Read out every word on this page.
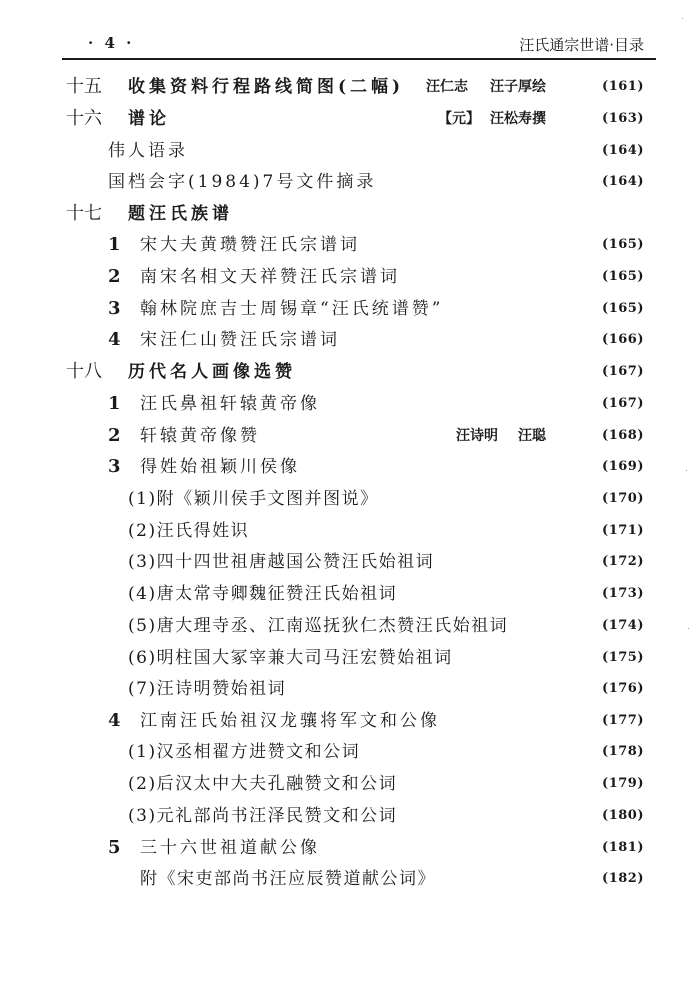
· 4 ·	汪氏通宗世谱·目录
十五 收集资料行程路线简图(二幅) 汪仁志 汪子厚绘	(161)
十六 谱论	【元】 汪松寿撰	(163)
伟人语录	(164)
国档会字(1984)7号文件摘录	(164)
十七 题汪氏族谱
1 宋大夫黄瓒赞汪氏宗谱词	(165)
2 南宋名相文天祥赞汪氏宗谱词	(165)
3 翰林院庶吉士周锡章“汪氏统谱赞”	(165)
4 宋汪仁山赞汪氏宗谱词	(166)
十八 历代名人画像选赞	(167)
1 汪氏鼻祖轩辕黄帝像	(167)
2 轩辕黄帝像赞	汪诗明 汪聪	(168)
3 得姓始祖颖川侯像	(169)
(1)附《颖川侯手文图并图说》	(170)
(2)汪氏得姓识	(171)
(3)四十四世祖唐越国公赞汪氏始祖词	(172)
(4)唐太常寺卿魏征赞汪氏始祖词	(173)
(5)唐大理寺丞、江南巡抚狄仁杰赞汪氏始祖词	(174)
(6)明柱国大冢宰兼大司马汪宏赞始祖词	(175)
(7)汪诗明赞始祖词	(176)
4 江南汪氏始祖汉龙骧将军文和公像	(177)
(1)汉丞相翟方进赞文和公词	(178)
(2)后汉太中大夫孔融赞文和公词	(179)
(3)元礼部尚书汪泽民赞文和公词	(180)
5 三十六世祖道献公像	(181)
附《宋吏部尚书汪应辰赞道献公词》	(182)
